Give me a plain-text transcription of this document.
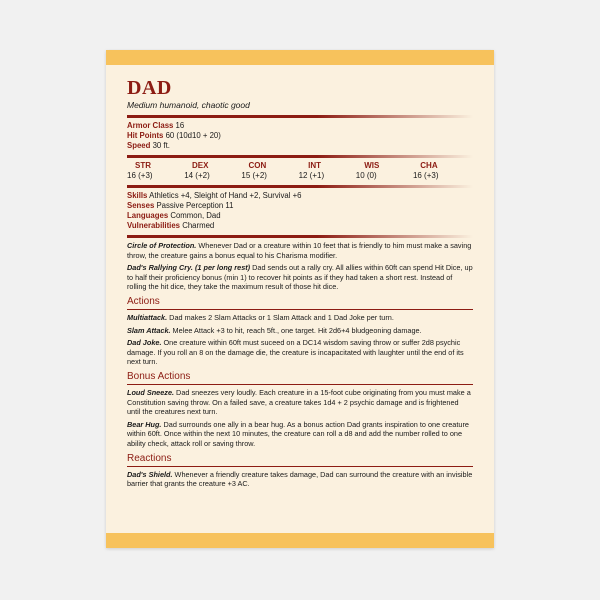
DAD
Medium humanoid, chaotic good
Armor Class 16
Hit Points 60 (10d10 + 20)
Speed 30 ft.
STR
16 (+3)
DEX
14 (+2)
CON
15 (+2)
INT
12 (+1)
WIS
10 (0)
CHA
16 (+3)
Skills Athletics +4, Sleight of Hand +2, Survival +6
Senses Passive Perception 11
Languages Common, Dad
Vulnerabilities Charmed
Circle of Protection. Whenever Dad or a creature within 10 feet that is friendly to him must make a saving throw, the creature gains a bonus equal to his Charisma modifier.
Dad's Rallying Cry. (1 per long rest) Dad sends out a rally cry. All allies within 60ft can spend Hit Dice, up to half their proficiency bonus (min 1) to recover hit points as if they had taken a short rest. Instead of rolling the hit dice, they take the maximum result of those hit dice.
Actions
Multiattack. Dad makes 2 Slam Attacks or 1 Slam Attack and 1 Dad Joke per turn.
Slam Attack. Melee Attack +3 to hit, reach 5ft., one target. Hit 2d6+4 bludgeoning damage.
Dad Joke. One creature within 60ft must suceed on a DC14 wisdom saving throw or suffer 2d8 psychic damage. If you roll an 8 on the damage die, the creature is incapacitated with laughter until the end of its next turn.
Bonus Actions
Loud Sneeze. Dad sneezes very loudly. Each creature in a 15-foot cube originating from you must make a Constitution saving throw. On a failed save, a creature takes 1d4 + 2 psychic damage and is frightened until the creatures next turn.
Bear Hug. Dad surrounds one ally in a bear hug. As a bonus action Dad grants inspiration to one creature within 60ft. Once within the next 10 minutes, the creature can roll a d8 and add the number rolled to one ability check, attack roll or saving throw.
Reactions
Dad's Shield. Whenever a friendly creature takes damage, Dad can surround the creature with an invisible barrier that grants the creature +3 AC.
